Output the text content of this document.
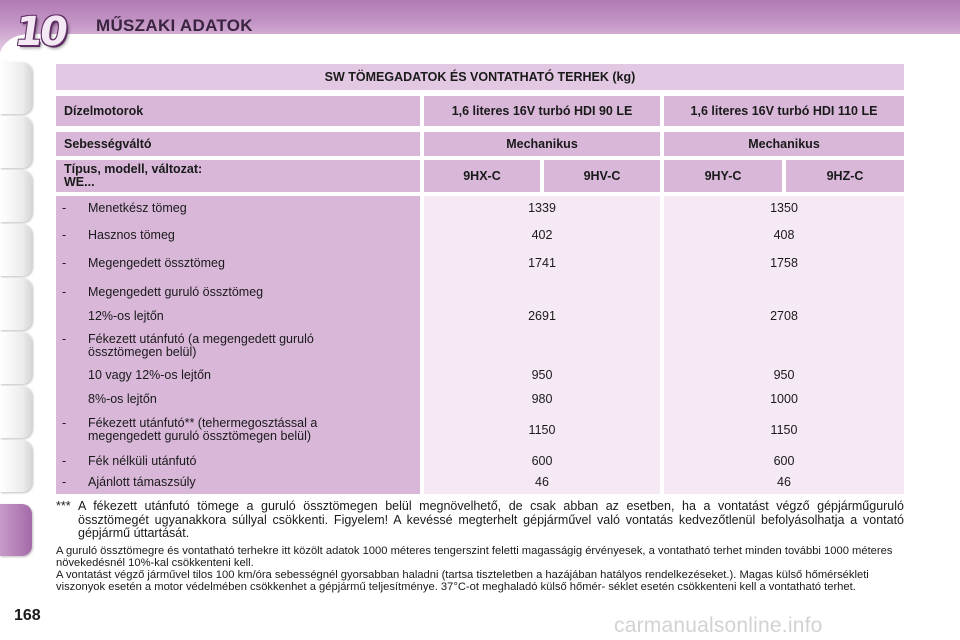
10	MŰSZAKI ADATOK
168
SW TÖMEGADATOK ÉS VONTATHATÓ TERHEK (kg)
Dízelmotorok	1,6 literes 16V turbó HDI 90 LE	1,6 literes 16V turbó HDI 110 LE
Sebességváltó	Mechanikus	Mechanikus
Típus, modell, változat:
WE...	9HX-C	9HV-C	9HY-C	9HZ-C
- Menetkész tömeg	1339	1350
- Hasznos tömeg	402	408
- Megengedett össztömeg	1741	1758
- Megengedett guruló össztömeg
12%-os lejtőn	2691	2708
- Fékezett utánfutó (a megengedett guruló
össztömegen belül)
10 vagy 12%-os lejtőn	950	950
8%-os lejtőn	980	1000
- Fékezett utánfutó** (tehermegosztással a
megengedett guruló össztömegen belül)	1150	1150
- Fék nélküli utánfutó	600	600
- Ajánlott támaszsúly	46	46
*** A fékezett utánfutó tömege a guruló össztömegen belül megnövelhető, de csak abban az esetben, ha a vontatást végző gépjárműguruló össztömegét ugyanakkora súllyal csökkenti. Figyelem! A kevéssé megterhelt gépjárművel való vontatás kedvezőtlenül befolyásolhatja a vontató gépjármű úttartását.

A guruló össztömegre és vontatható terhekre itt közölt adatok 1000 méteres tengerszint feletti magasságig érvényesek, a vontatható terhet minden további 1000 méteres növekedésnél 10%-kal csökkenteni kell.

A vontatást végző járművel tilos 100 km/óra sebességnél gyorsabban haladni (tartsa tiszteletben a hazájában hatályos rendelkezéseket.). Magas külső hőmérsékleti viszonyok esetén a motor védelmében csökkenhet a gépjármű teljesítménye. 37°C-ot meghaladó külső hőmér- séklet esetén csökkenteni kell a vontatható terhet.

carmanualsonline.info
